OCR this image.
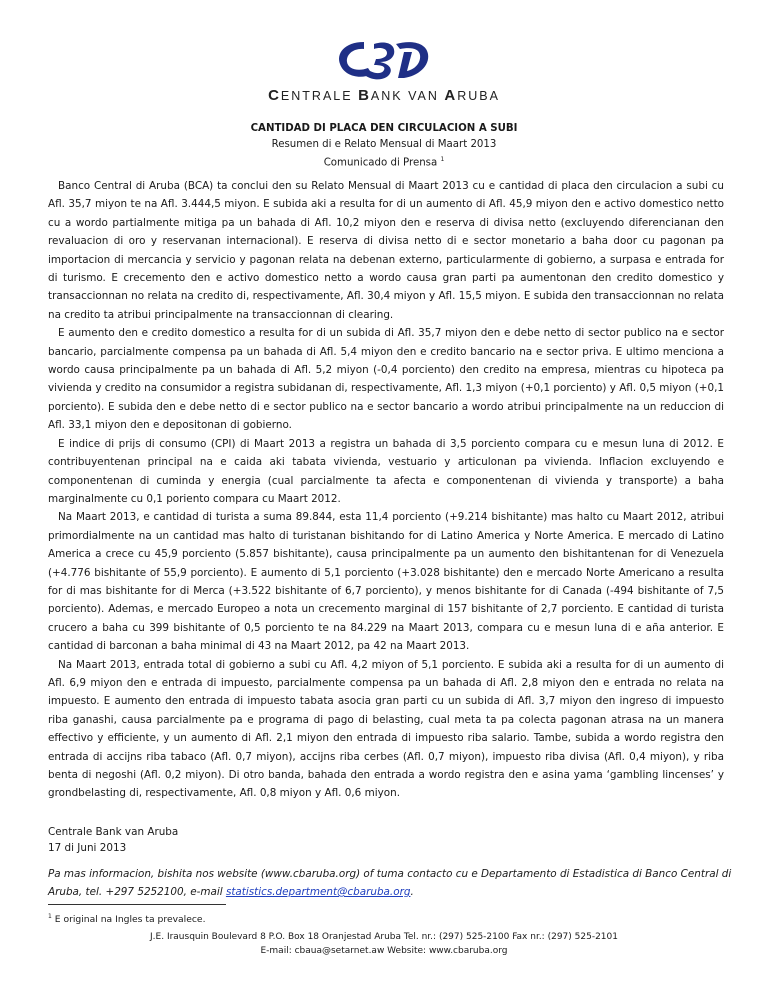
CENTRALE BANK VAN ARUBA
CANTIDAD DI PLACA DEN CIRCULACION A SUBI
Resumen di e Relato Mensual di Maart 2013
Comunicado di Prensa $^1$

Banco Central di Aruba (BCA) ta conclui den su Relato Mensual di Maart 2013 cu e cantidad di placa den circulacion a subi cu Afl. 35,7 miyon te na Afl. 3.444,5 miyon. E subida aki a resulta for di un aumento di Afl. 45,9 miyon den e activo domestico netto cu a wordo partialmente mitiga pa un bahada di Afl. 10,2 miyon den e reserva di divisa netto (excluyendo diferencianan den revaluacion di oro y reservanan internacional). E reserva di divisa netto di e sector monetario a baha door cu pagonan pa importacion di mercancia y servicio y pagonan relata na debenan externo, particularmente di gobierno, a surpasa e entrada for di turismo. E crecemento den e activo domestico netto a wordo causa gran parti pa aumentonan den credito domestico y transaccionnan no relata na credito di, respectivamente, Afl. 30,4 miyon y Afl. 15,5 miyon. E subida den transaccionnan no relata na credito ta atribui principalmente na transaccionnan di clearing.

E aumento den e credito domestico a resulta for di un subida di Afl. 35,7 miyon den e debe netto di sector publico na e sector bancario, parcialmente compensa pa un bahada di Afl. 5,4 miyon den e credito bancario na e sector priva. E ultimo menciona a wordo causa principalmente pa un bahada di Afl. 5,2 miyon (-0,4 porciento) den credito na empresa, mientras cu hipoteca pa vivienda y credito na consumidor a registra subidanan di, respectivamente, Afl. 1,3 miyon (+0,1 porciento) y Afl. 0,5 miyon (+0,1 porciento). E subida den e debe netto di e sector publico na e sector bancario a wordo atribui principalmente na un reduccion di Afl. 33,1 miyon den e depositonan di gobierno.

E indice di prijs di consumo (CPI) di Maart 2013 a registra un bahada di 3,5 porciento compara cu e mesun luna di 2012. E contribuyentenan principal na e caida aki tabata vivienda, vestuario y articulonan pa vivienda. Inflacion excluyendo e componentenan di cuminda y energia (cual parcialmente ta afecta e componentenan di vivienda y transporte) a baha marginalmente cu 0,1 poriento compara cu Maart 2012.

Na Maart 2013, e cantidad di turista a suma 89.844, esta 11,4 porciento (+9.214 bishitante) mas halto cu Maart 2012, atribui primordialmente na un cantidad mas halto di turistanan bishitando for di Latino America y Norte America. E mercado di Latino America a crece cu 45,9 porciento (5.857 bishitante), causa principalmente pa un aumento den bishitantenan for di Venezuela (+4.776 bishitante of 55,9 porciento). E aumento di 5,1 porciento (+3.028 bishitante) den e mercado Norte Americano a resulta for di mas bishitante for di Merca (+3.522 bishitante of 6,7 porciento), y menos bishitante for di Canada (-494 bishitante of 7,5 porciento). Ademas, e mercado Europeo a nota un crecemento marginal di 157 bishitante of 2,7 porciento. E cantidad di turista crucero a baha cu 399 bishitante of 0,5 porciento te na 84.229 na Maart 2013, compara cu e mesun luna di e aña anterior. E cantidad di barconan a baha minimal di 43 na Maart 2012, pa 42 na Maart 2013.

Na Maart 2013, entrada total di gobierno a subi cu Afl. 4,2 miyon of 5,1 porciento. E subida aki a resulta for di un aumento di Afl. 6,9 miyon den e entrada di impuesto, parcialmente compensa pa un bahada di Afl. 2,8 miyon den e entrada no relata na impuesto. E aumento den entrada di impuesto tabata asocia gran parti cu un subida di Afl. 3,7 miyon den ingreso di impuesto riba ganashi, causa parcialmente pa e programa di pago di belasting, cual meta ta pa colecta pagonan atrasa na un manera effectivo y efficiente, y un aumento di Afl. 2,1 miyon den entrada di impuesto riba salario. Tambe, subida a wordo registra den entrada di accijns riba tabaco (Afl. 0,7 miyon), accijns riba cerbes (Afl. 0,7 miyon), impuesto riba divisa (Afl. 0,4 miyon), y riba benta di negoshi (Afl. 0,2 miyon). Di otro banda, bahada den entrada a wordo registra den e asina yama ‘gambling lincenses’ y grondbelasting di, respectivamente, Afl. 0,8 miyon y Afl. 0,6 miyon.

Centrale Bank van Aruba
17 di Juni 2013
Pa mas informacion, bishita nos website (www.cbaruba.org) of tuma contacto cu e Departamento di Estadistica di Banco Central di Aruba, tel. +297 5252100, e-mail statistics.department@cbaruba.org.
$^1$ E original na Ingles ta prevalece.
J.E. Irausquin Boulevard 8 P.O. Box 18 Oranjestad Aruba Tel. nr.: (297) 525-2100 Fax nr.: (297) 525-2101
E-mail: cbaua@setarnet.aw Website: www.cbaruba.org
